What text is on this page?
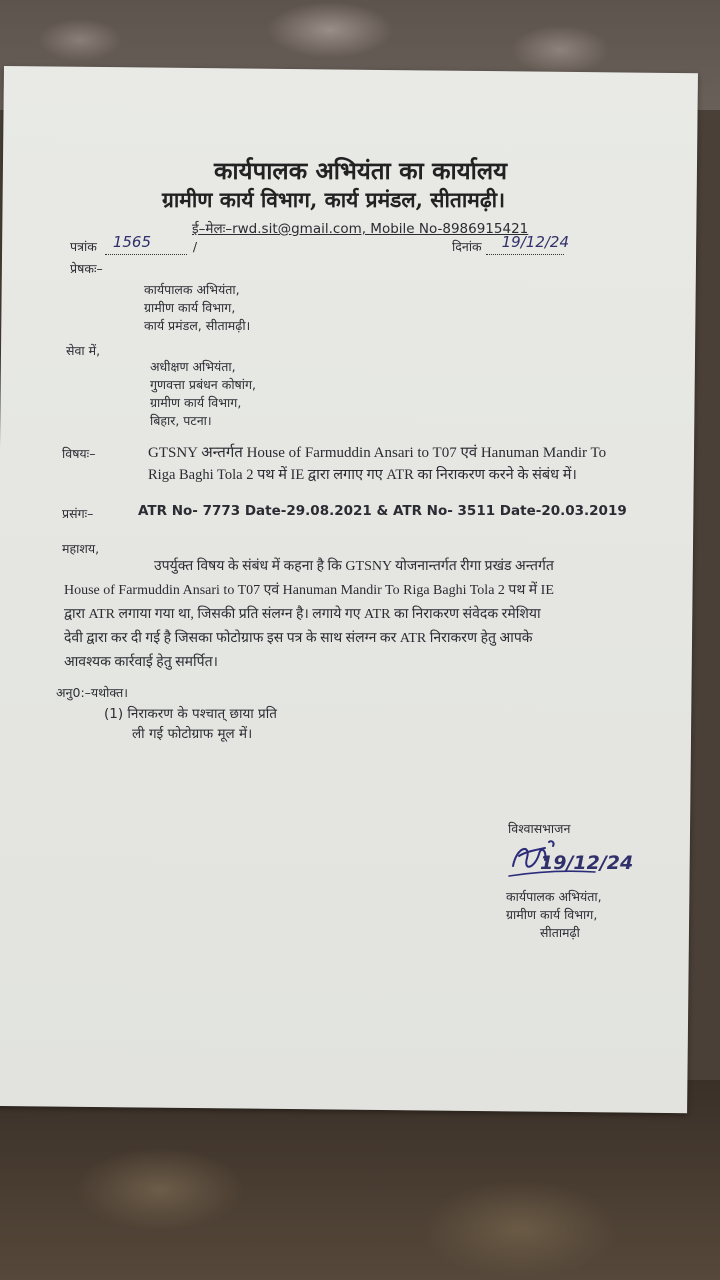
कार्यपालक अभियंता का कार्यालय
ग्रामीण कार्य विभाग, कार्य प्रमंडल, सीतामढ़ी।
ई–मेलः–rwd.sit@gmail.com, Mobile No-8986915421
पत्रांक 1565	/	दिनांक 19/12/24

प्रेषकः–
कार्यपालक अभियंता,
ग्रामीण कार्य विभाग,
कार्य प्रमंडल, सीतामढ़ी।
सेवा में,
अधीक्षण अभियंता,
गुणवत्ता प्रबंधन कोषांग,
ग्रामीण कार्य विभाग,
बिहार, पटना।
विषयः–	GTSNY अन्तर्गत House of Farmuddin Ansari to T07 एवं Hanuman Mandir To
Riga Baghi Tola 2 पथ में IE द्वारा लगाए गए ATR का निराकरण करने के संबंध में।
प्रसंगः–	ATR No- 7773 Date-29.08.2021 & ATR No- 3511 Date-20.03.2019
महाशय,
उपर्युक्त विषय के संबंध में कहना है कि GTSNY योजनान्तर्गत रीगा प्रखंड अन्तर्गत
House of Farmuddin Ansari to T07 एवं Hanuman Mandir To Riga Baghi Tola 2 पथ में IE
द्वारा ATR लगाया गया था, जिसकी प्रति संलग्न है। लगाये गए ATR का निराकरण संवेदक रमेशिया
देवी द्वारा कर दी गई है जिसका फोटोग्राफ इस पत्र के साथ संलग्न कर ATR निराकरण हेतु आपके
आवश्यक कार्रवाई हेतु समर्पित।
अनु0:–यथोक्त।
(1) निराकरण के पश्चात् छाया प्रति
ली गई फोटोग्राफ मूल में।
विश्वासभाजन
19/12/24
कार्यपालक अभियंता,
ग्रामीण कार्य विभाग,
सीतामढ़ी
